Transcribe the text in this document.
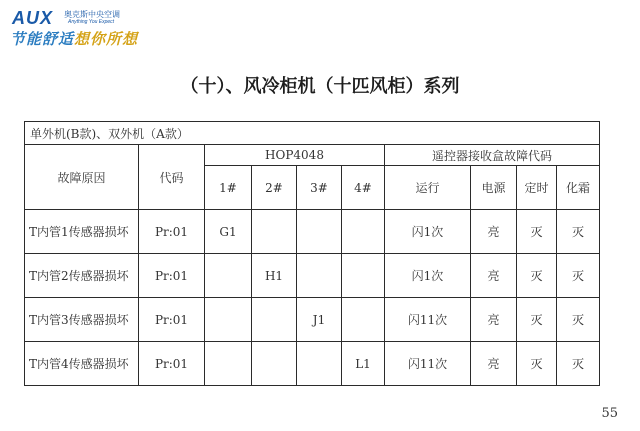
AUX 奥克斯中央空调
Anything You Expect
节能舒适想你所想
（十）、风冷柜机（十匹风柜）系列
单外机(B款)、双外机（A款）									
故障原因	代码	HOP4048				遥控器接收盒故障代码			
		1#	2#	3#	4#	运行	电源	定时	化霜
T内管1传感器损坏	Pr:01	G1				闪1次	亮	灭	灭
T内管2传感器损坏	Pr:01		H1			闪1次	亮	灭	灭
T内管3传感器损坏	Pr:01			J1		闪11次	亮	灭	灭
T内管4传感器损坏	Pr:01				L1	闪11次	亮	灭	灭
55
